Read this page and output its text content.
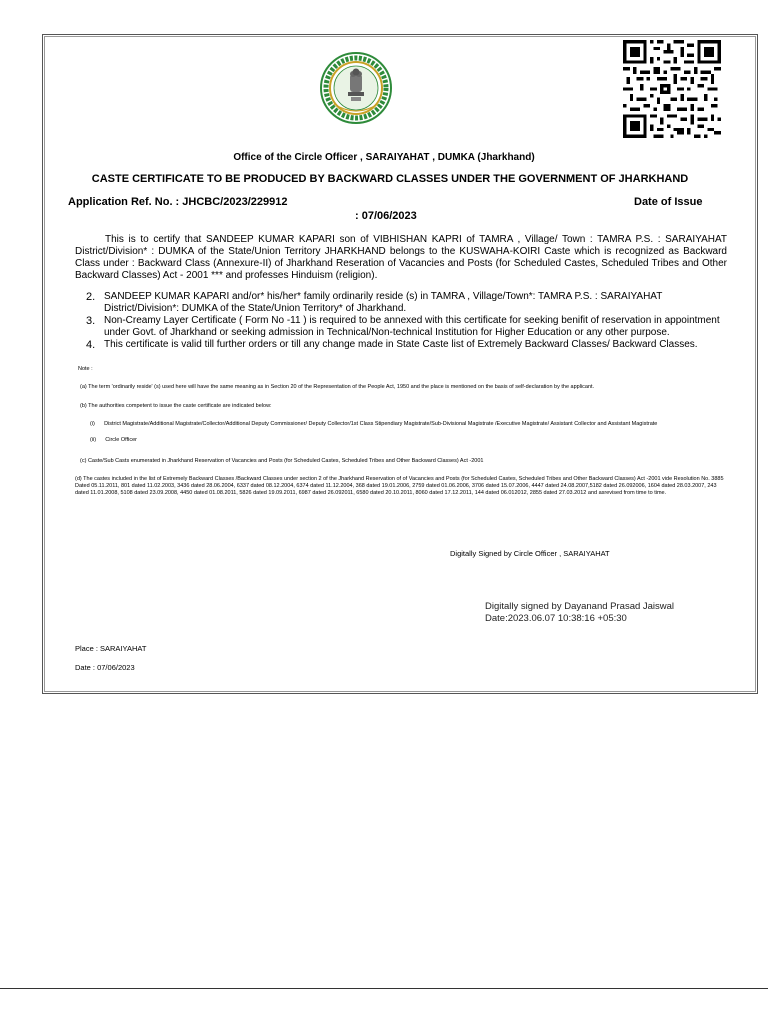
Office of the Circle Officer , SARAIYAHAT , DUMKA (Jharkhand)
CASTE CERTIFICATE TO BE PRODUCED BY BACKWARD CLASSES UNDER THE GOVERNMENT OF JHARKHAND
Application Ref. No. : JHCBC/2023/229912	Date of Issue
: 07/06/2023
This is to certify that SANDEEP KUMAR KAPARI son of VIBHISHAN KAPRI of TAMRA , Village/ Town : TAMRA P.S. : SARAIYAHAT District/Division* : DUMKA of the State/Union Territory JHARKHAND belongs to the KUSWAHA-KOIRI Caste which is recognized as Backward Class under : Backward Class (Annexure-II) of Jharkhand Reseration of Vacancies and Posts (for Scheduled Castes, Scheduled Tribes and Other Backward Classes) Act - 2001 *** and professes Hinduism (religion).
2. SANDEEP KUMAR KAPARI and/or* his/her* family ordinarily reside (s) in TAMRA , Village/Town*: TAMRA P.S. : SARAIYAHAT District/Division*: DUMKA of the State/Union Territory* of Jharkhand.
3. Non-Creamy Layer Certificate ( Form No -11 ) is required to be annexed with this certificate for seeking benifit of reservation in appointment under Govt. of Jharkhand or seeking admission in Technical/Non-technical Institution for Higher Education or any other purpose.
4. This certificate is valid till further orders or till any change made in State Caste list of Extremely Backward Classes/ Backward Classes.
Note :
(a) The term 'ordinarily reside' (s) used here will have the same meaning as in Section 20 of the Representation of the People Act, 1950 and the place is mentioned on the basis of self-declaration by the applicant.
(b) The authorities competent to issue the caste certificate are indicated below:
(i) District Magistrate/Additional Magistrate/Collector/Additional Deputy Commissioner/ Deputy Collector/1st Class Stipendiary Magistrate/Sub-Divisional Magistrate /Executive Magistrate/ Assistant Collector and Assistant Magistrate
(ii) Circle Officer
(c) Caste/Sub Casts enumerated in Jharkhand Reservation of Vacancies and Posts (for Scheduled Castes, Scheduled Tribes and Other Backward Classes) Act -2001
(d) The castes included in the list of Extremely Backward Classes /Backward Classes under section 2 of the Jharkhand Reservation of of Vacancies and Posts (for Scheduled Castes, Scheduled Tribes and Other Backward Classes) Act -2001 vide Resolution No. 3885 Dated 05.11.2011, 801 dated 11.02.2003, 3436 dated 28.06.2004, 6337 dated 08.12.2004, 6374 dated 11.12.2004, 368 dated 19.01.2006, 2759 dated 01.06.2006, 3706 dated 15.07.2006, 4447 dated 24.08.2007,5182 dated 26.092006, 1604 dated 28.03.2007, 243 dated 11.01.2008, 5108 dated 23.09.2008, 4450 dated 01.08.2011, 5826 dated 19.09.2011, 6987 dated 26.092011, 6580 dated 20.10.2011, 8060 dated 17.12.2011, 144 dated 06.012012, 2855 dated 27.03.2012 and asrevised from time to time.
Digitally Signed by Circle Officer , SARAIYAHAT
Digitally signed by Dayanand Prasad Jaiswal
Date:2023.06.07 10:38:16 +05:30
Place : SARAIYAHAT
Date : 07/06/2023
